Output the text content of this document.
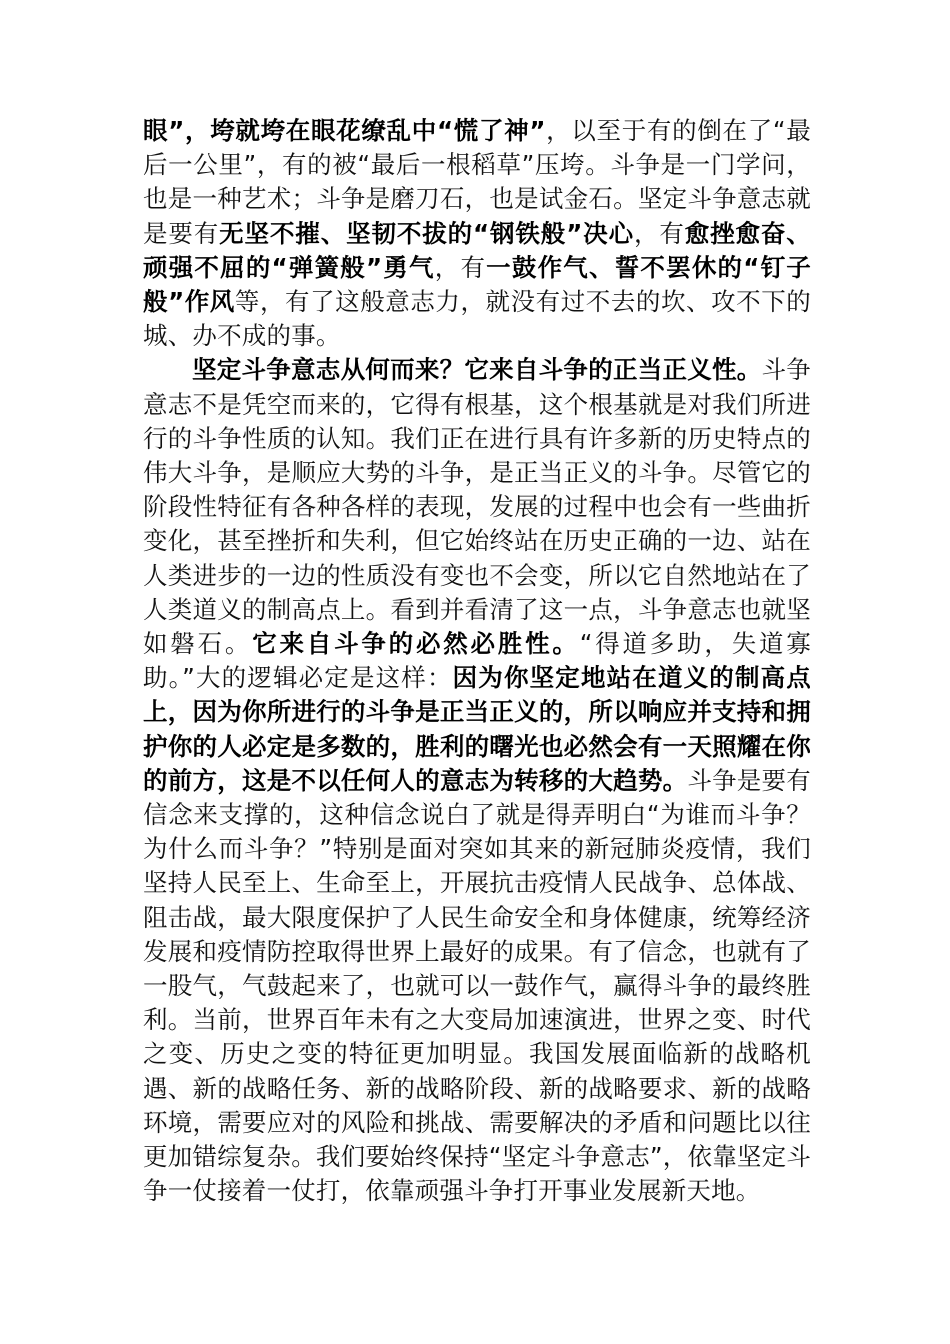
眼”，垮就垮在眼花缭乱中“慌了神”，以至于有的倒在了“最后一公里”，有的被“最后一根稻草”压垮。斗争是一门学问，也是一种艺术；斗争是磨刀石，也是试金石。坚定斗争意志就是要有无坚不摧、坚韧不拔的“钢铁般”决心，有愈挫愈奋、顽强不屈的“弹簧般”勇气，有一鼓作气、誓不罢休的“钉子般”作风等，有了这般意志力，就没有过不去的坎、攻不下的城、办不成的事。

坚定斗争意志从何而来？它来自斗争的正当正义性。斗争意志不是凭空而来的，它得有根基，这个根基就是对我们所进行的斗争性质的认知。我们正在进行具有许多新的历史特点的伟大斗争，是顺应大势的斗争，是正当正义的斗争。尽管它的阶段性特征有各种各样的表现，发展的过程中也会有一些曲折变化，甚至挫折和失利，但它始终站在历史正确的一边、站在人类进步的一边的性质没有变也不会变，所以它自然地站在了人类道义的制高点上。看到并看清了这一点，斗争意志也就坚如磐石。它来自斗争的必然必胜性。“得道多助，失道寡助。”大的逻辑必定是这样：因为你坚定地站在道义的制高点上，因为你所进行的斗争是正当正义的，所以响应并支持和拥护你的人必定是多数的，胜利的曙光也必然会有一天照耀在你的前方，这是不以任何人的意志为转移的大趋势。斗争是要有信念来支撑的，这种信念说白了就是得弄明白“为谁而斗争？为什么而斗争？”特别是面对突如其来的新冠肺炎疫情，我们坚持人民至上、生命至上，开展抗击疫情人民战争、总体战、阻击战，最大限度保护了人民生命安全和身体健康，统筹经济发展和疫情防控取得世界上最好的成果。有了信念，也就有了一股气，气鼓起来了，也就可以一鼓作气，赢得斗争的最终胜利。当前，世界百年未有之大变局加速演进，世界之变、时代之变、历史之变的特征更加明显。我国发展面临新的战略机遇、新的战略任务、新的战略阶段、新的战略要求、新的战略环境，需要应对的风险和挑战、需要解决的矛盾和问题比以往更加错综复杂。我们要始终保持“坚定斗争意志”，依靠坚定斗争一仗接着一仗打，依靠顽强斗争打开事业发展新天地。
